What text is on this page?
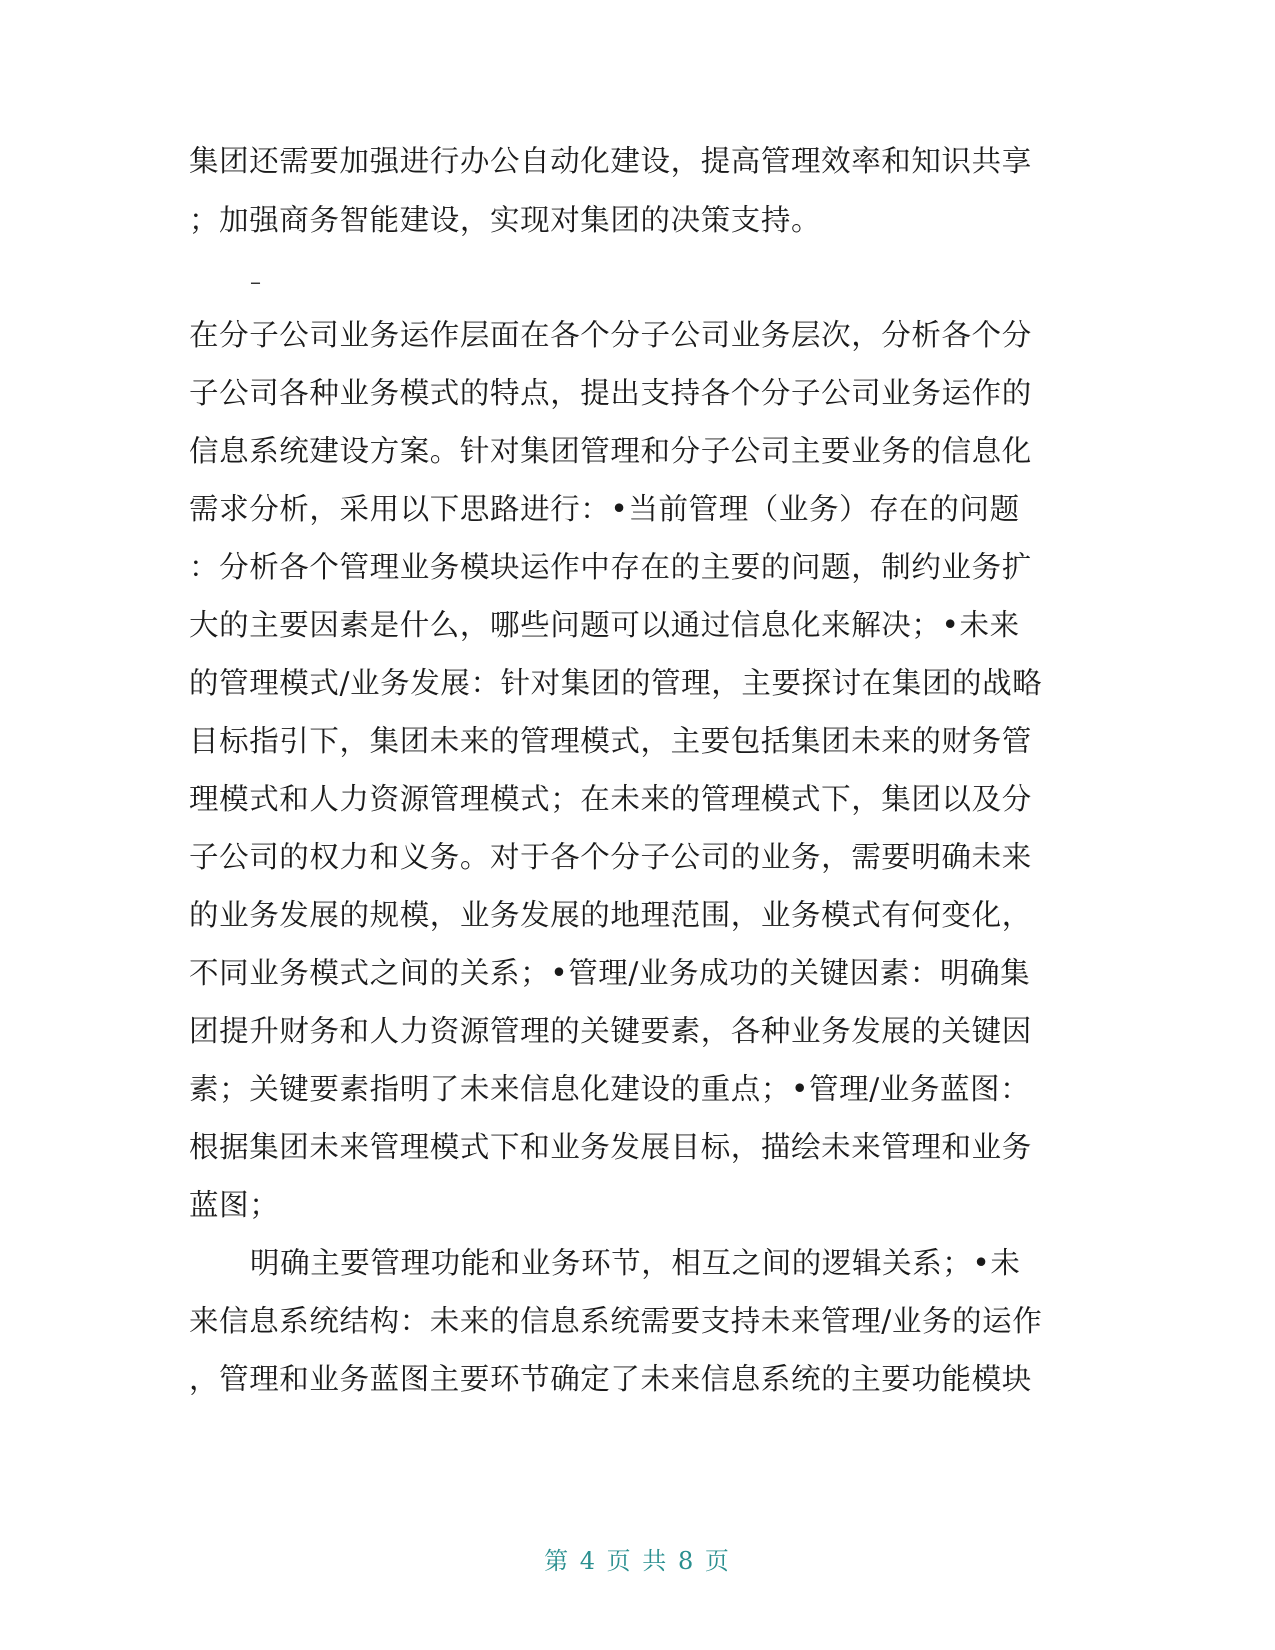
集团还需要加强进行办公自动化建设，提高管理效率和知识共享
；加强商务智能建设，实现对集团的决策支持。
–
在分子公司业务运作层面在各个分子公司业务层次，分析各个分
子公司各种业务模式的特点，提出支持各个分子公司业务运作的
信息系统建设方案。针对集团管理和分子公司主要业务的信息化
需求分析，采用以下思路进行：•当前管理（业务）存在的问题
：分析各个管理业务模块运作中存在的主要的问题，制约业务扩
大的主要因素是什么，哪些问题可以通过信息化来解决；•未来
的管理模式/业务发展：针对集团的管理，主要探讨在集团的战略
目标指引下，集团未来的管理模式，主要包括集团未来的财务管
理模式和人力资源管理模式；在未来的管理模式下，集团以及分
子公司的权力和义务。对于各个分子公司的业务，需要明确未来
的业务发展的规模，业务发展的地理范围，业务模式有何变化，
不同业务模式之间的关系；•管理/业务成功的关键因素：明确集
团提升财务和人力资源管理的关键要素，各种业务发展的关键因
素；关键要素指明了未来信息化建设的重点；•管理/业务蓝图：
根据集团未来管理模式下和业务发展目标，描绘未来管理和业务
蓝图；
明确主要管理功能和业务环节，相互之间的逻辑关系；•未
来信息系统结构：未来的信息系统需要支持未来管理/业务的运作
，管理和业务蓝图主要环节确定了未来信息系统的主要功能模块
第 4 页 共 8 页
